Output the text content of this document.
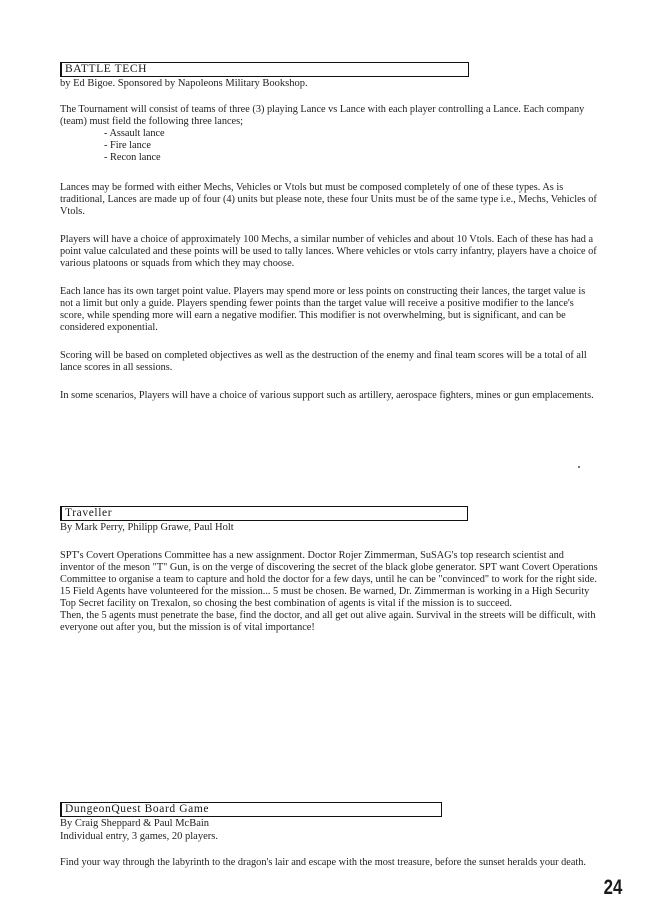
BATTLE TECH
by Ed Bigoe. Sponsored by Napoleons Military Bookshop.

The Tournament will consist of teams of three (3) playing Lance vs Lance with each player controlling a Lance. Each company (team) must field the following three lances;

- Assault lance
- Fire lance
- Recon lance

Lances may be formed with either Mechs, Vehicles or Vtols but must be composed completely of one of these types. As is traditional, Lances are made up of four (4) units but please note, these four Units must be of the same type i.e., Mechs, Vehicles of Vtols.

Players will have a choice of approximately 100 Mechs, a similar number of vehicles and about 10 Vtols. Each of these has had a point value calculated and these points will be used to tally lances. Where vehicles or vtols carry infantry, players have a choice of various platoons or squads from which they may choose.

Each lance has its own target point value. Players may spend more or less points on constructing their lances, the target value is not a limit but only a guide. Players spending fewer points than the target value will receive a positive modifier to the lance's score, while spending more will earn a negative modifier. This modifier is not overwhelming, but is significant, and can be considered exponential.

Scoring will be based on completed objectives as well as the destruction of the enemy and final team scores will be a total of all lance scores in all sessions.

In some scenarios, Players will have a choice of various support such as artillery, aerospace fighters, mines or gun emplacements.

Traveller
By Mark Perry, Philipp Grawe, Paul Holt

SPT's Covert Operations Committee has a new assignment. Doctor Rojer Zimmerman, SuSAG's top research scientist and inventor of the meson "T" Gun, is on the verge of discovering the secret of the black globe generator. SPT want Covert Operations Committee to organise a team to capture and hold the doctor for a few days, until he can be "convinced" to work for the right side.

15 Field Agents have volunteered for the mission... 5 must be chosen. Be warned, Dr. Zimmerman is working in a High Security Top Secret facility on Trexalon, so chosing the best combination of agents is vital if the mission is to succeed.

Then, the 5 agents must penetrate the base, find the doctor, and all get out alive again. Survival in the streets will be difficult, with everyone out after you, but the mission is of vital importance!

DungeonQuest Board Game
By Craig Sheppard & Paul McBain
Individual entry, 3 games, 20 players.

Find your way through the labyrinth to the dragon's lair and escape with the most treasure, before the sunset heralds your death.

24
